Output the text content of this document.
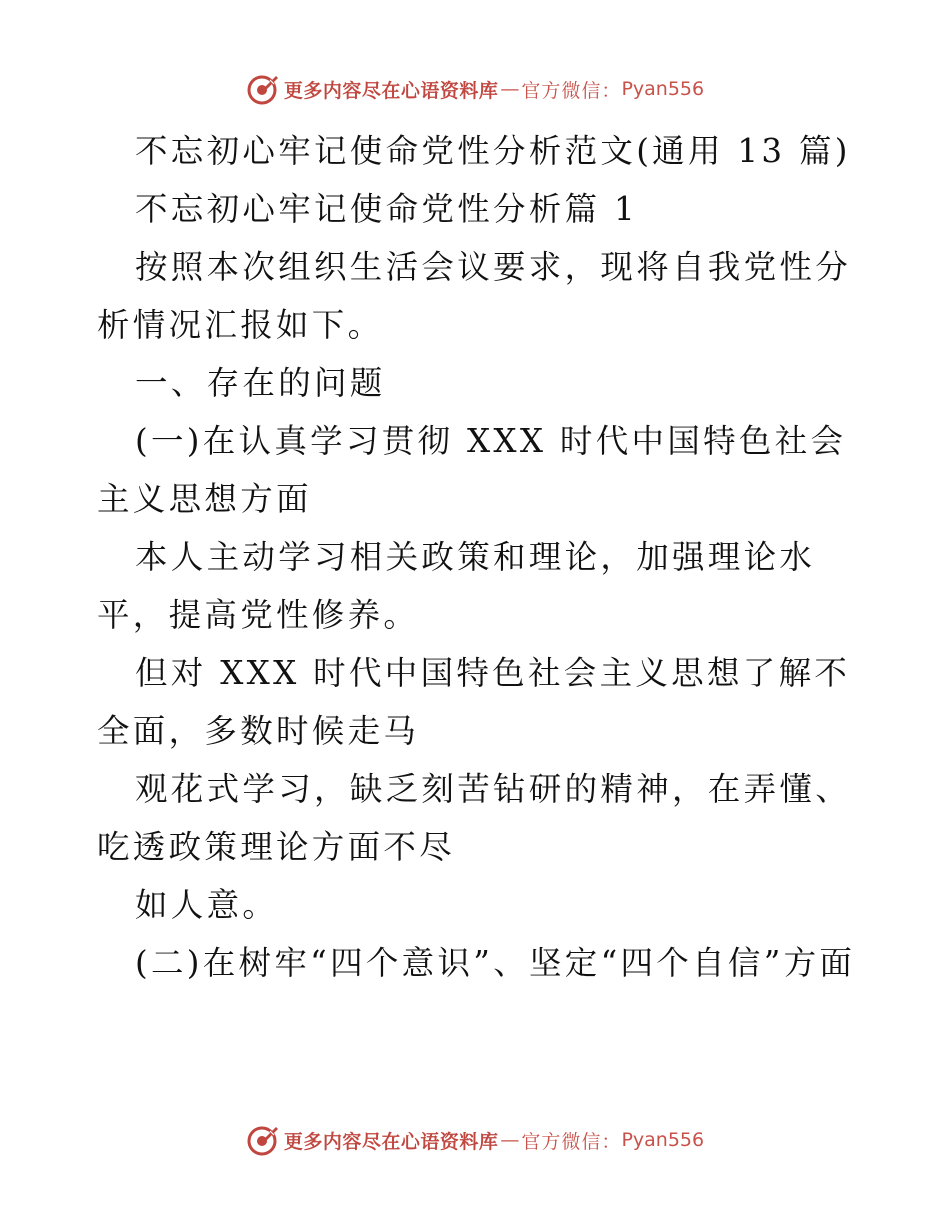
更多内容尽在心语资料库 — 官方微信： Pyan556

不忘初心牢记使命党性分析范文(通用 13 篇)

不忘初心牢记使命党性分析篇 1

按照本次组织生活会议要求，现将自我党性分析情况汇报如下。

一、存在的问题

(一)在认真学习贯彻 XXX 时代中国特色社会主义思想方面

本人主动学习相关政策和理论，加强理论水平，提高党性修养。

但对 XXX 时代中国特色社会主义思想了解不全面，多数时候走马

观花式学习，缺乏刻苦钻研的精神，在弄懂、吃透政策理论方面不尽

如人意。

(二)在树牢“四个意识”、坚定“四个自信”方面

更多内容尽在心语资料库 — 官方微信： Pyan556
